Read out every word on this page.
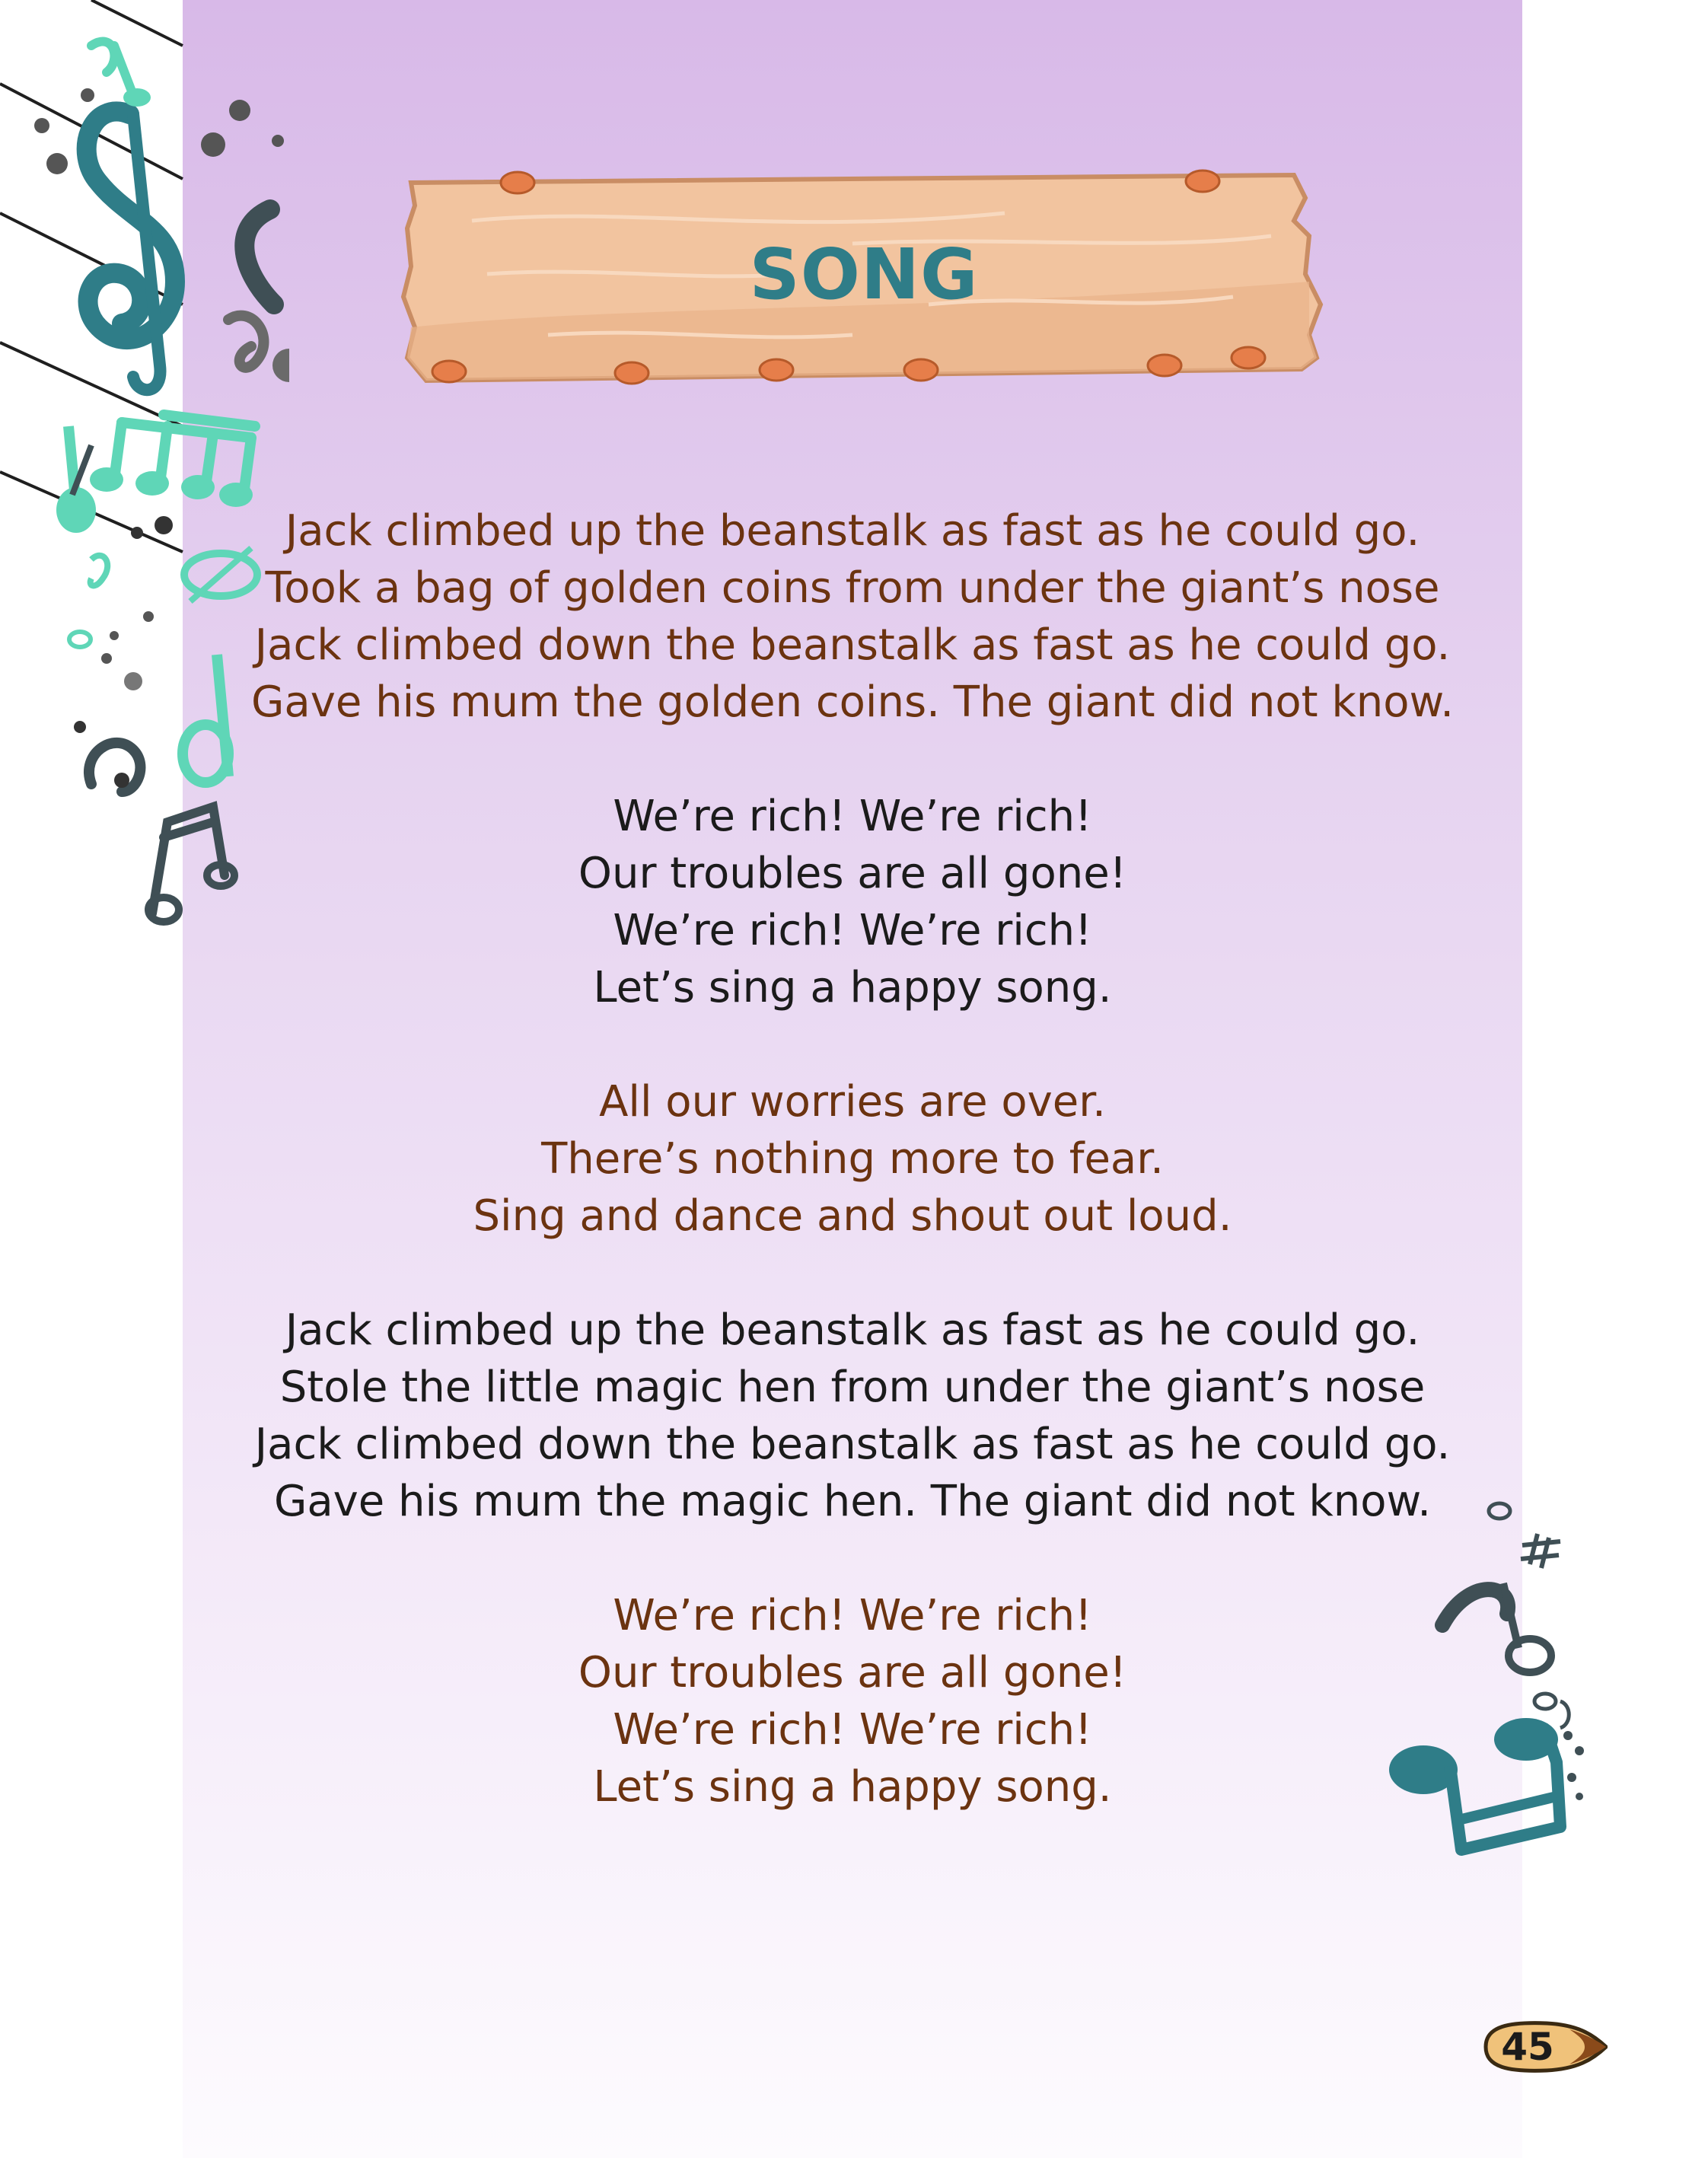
SONG
Jack climbed up the beanstalk as fast as he could go.
Took a bag of golden coins from under the giant’s nose
Jack climbed down the beanstalk as fast as he could go.
Gave his mum the golden coins. The giant did not know.
We’re rich! We’re rich!
Our troubles are all gone!
We’re rich! We’re rich!
Let’s sing a happy song.
All our worries are over.
There’s nothing more to fear.
Sing and dance and shout out loud.
Jack climbed up the beanstalk as fast as he could go.
Stole the little magic hen from under the giant’s nose
Jack climbed down the beanstalk as fast as he could go.
Gave his mum the magic hen. The giant did not know.
We’re rich! We’re rich!
Our troubles are all gone!
We’re rich! We’re rich!
Let’s sing a happy song.
45
